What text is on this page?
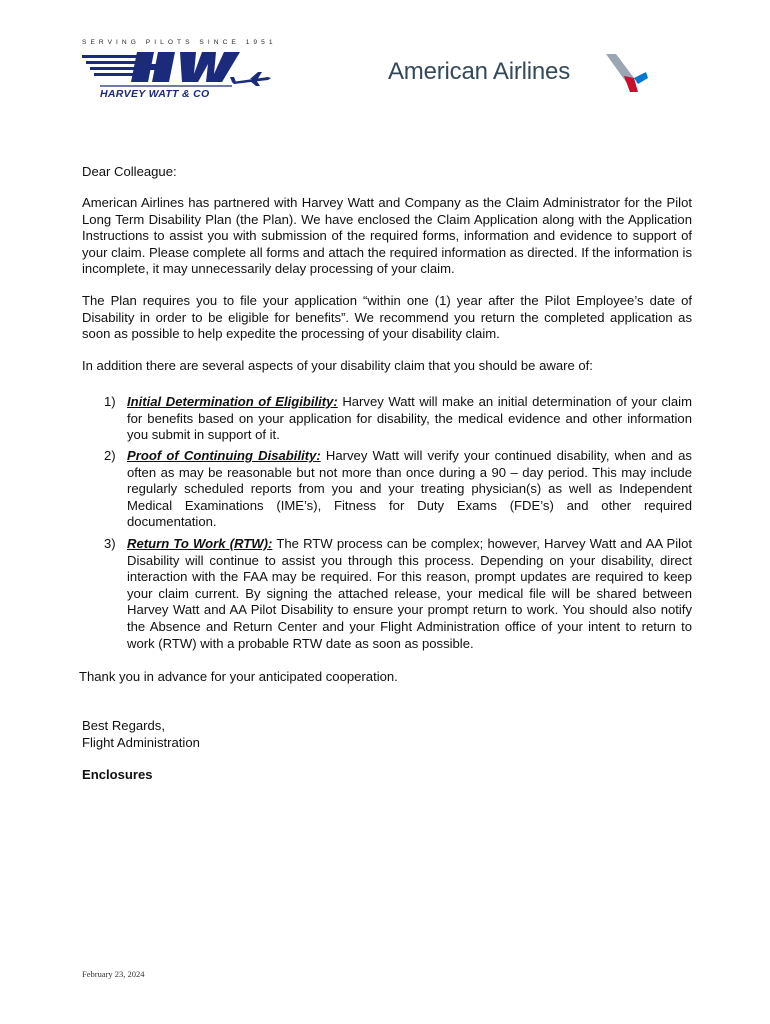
SERVING PILOTS SINCE 1951
HARVEY WATT & CO
American Airlines
Dear Colleague:
American Airlines has partnered with Harvey Watt and Company as the Claim Administrator for the Pilot Long Term Disability Plan (the Plan). We have enclosed the Claim Application along with the Application Instructions to assist you with submission of the required forms, information and evidence to support of your claim. Please complete all forms and attach the required information as directed. If the information is incomplete, it may unnecessarily delay processing of your claim.
The Plan requires you to file your application “within one (1) year after the Pilot Employee’s date of Disability in order to be eligible for benefits”. We recommend you return the completed application as soon as possible to help expedite the processing of your disability claim.
In addition there are several aspects of your disability claim that you should be aware of:
1) Initial Determination of Eligibility: Harvey Watt will make an initial determination of your claim for benefits based on your application for disability, the medical evidence and other information you submit in support of it.
2) Proof of Continuing Disability: Harvey Watt will verify your continued disability, when and as often as may be reasonable but not more than once during a 90 – day period. This may include regularly scheduled reports from you and your treating physician(s) as well as Independent Medical Examinations (IME’s), Fitness for Duty Exams (FDE’s) and other required documentation.
3) Return To Work (RTW): The RTW process can be complex; however, Harvey Watt and AA Pilot Disability will continue to assist you through this process. Depending on your disability, direct interaction with the FAA may be required. For this reason, prompt updates are required to keep your claim current. By signing the attached release, your medical file will be shared between Harvey Watt and AA Pilot Disability to ensure your prompt return to work. You should also notify the Absence and Return Center and your Flight Administration office of your intent to return to work (RTW) with a probable RTW date as soon as possible.
Thank you in advance for your anticipated cooperation.
Best Regards,
Flight Administration
Enclosures
February 23, 2024
